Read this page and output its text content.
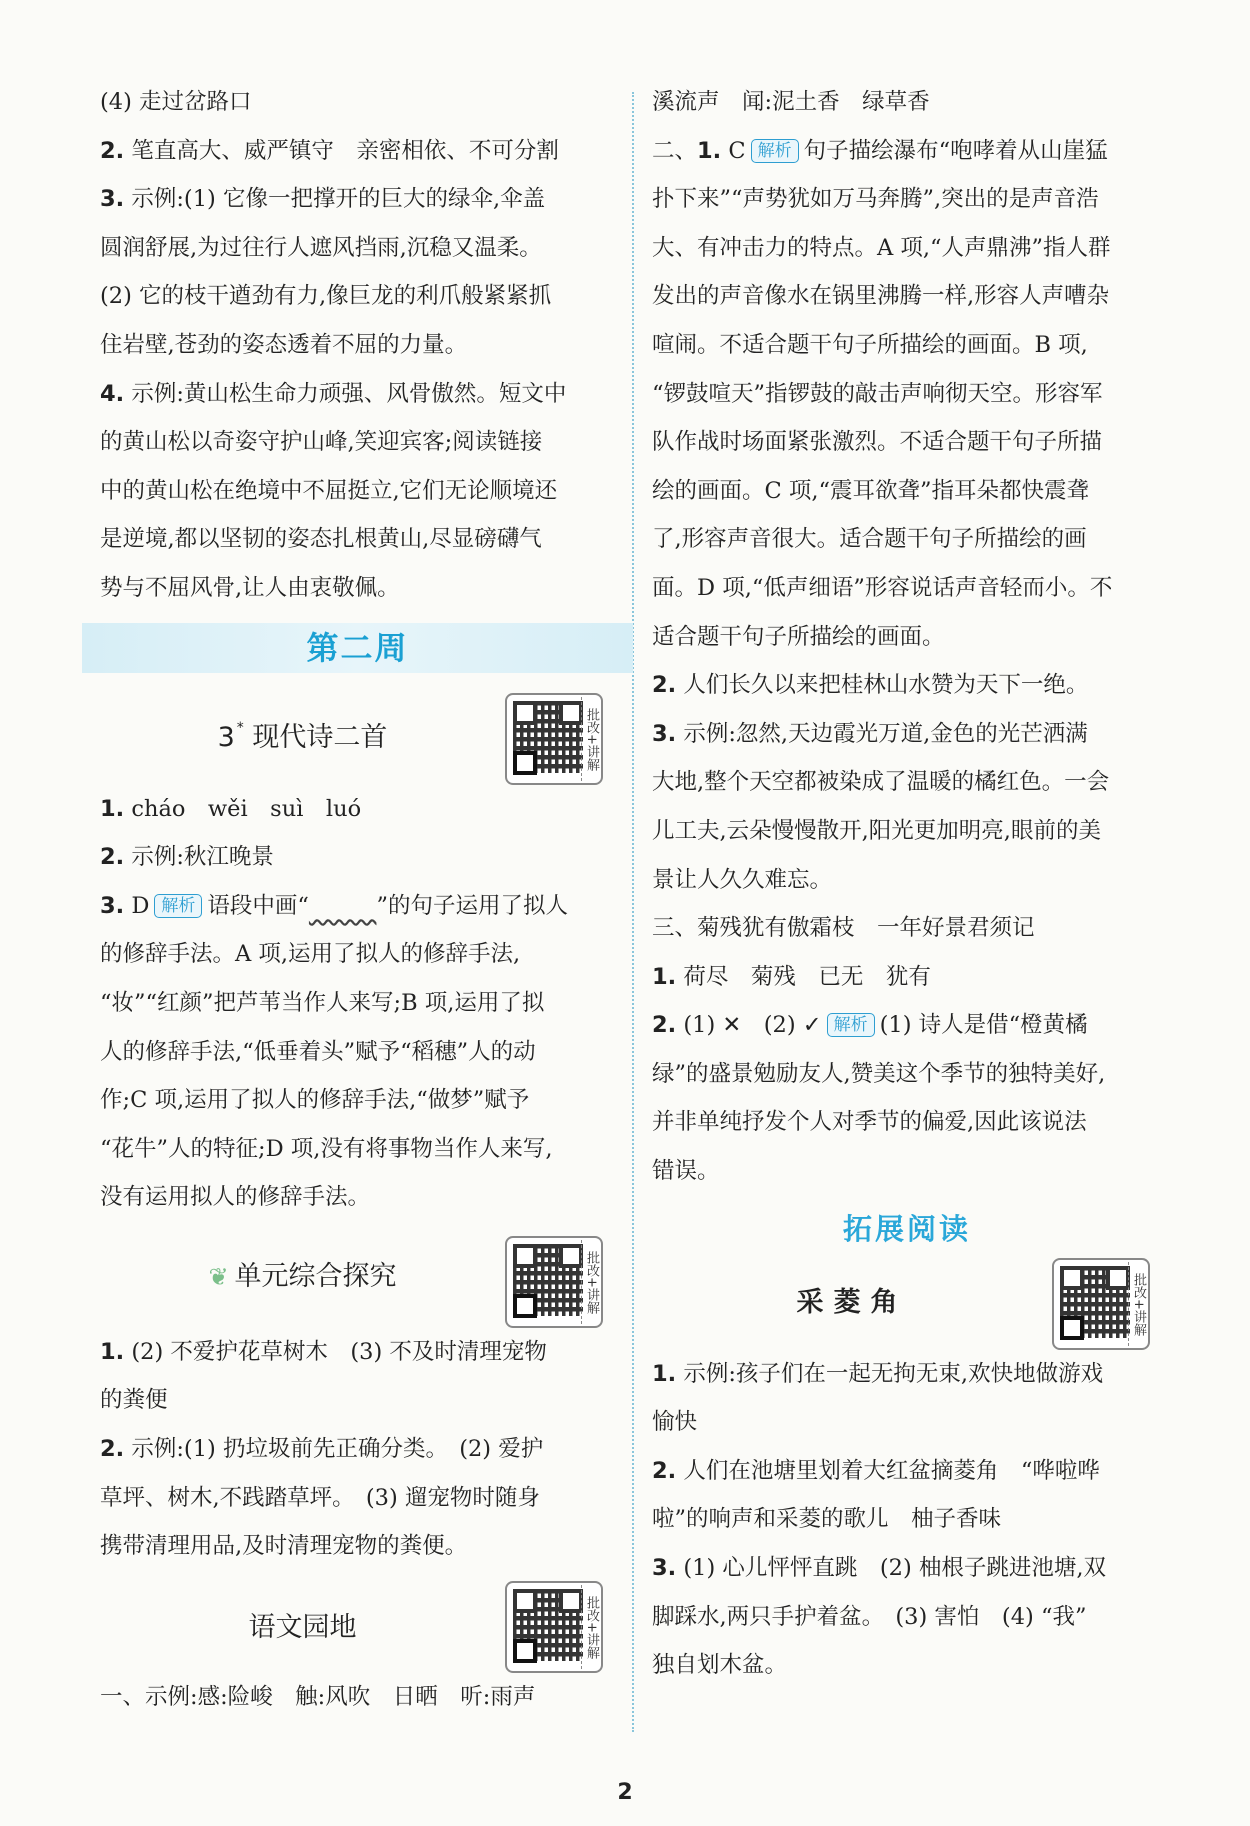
(4) 走过岔路口

2. 笔直高大、威严镇守　亲密相依、不可分割

3. 示例:(1) 它像一把撑开的巨大的绿伞,伞盖

圆润舒展,为过往行人遮风挡雨,沉稳又温柔。

(2) 它的枝干遒劲有力,像巨龙的利爪般紧紧抓

住岩壁,苍劲的姿态透着不屈的力量。

4. 示例:黄山松生命力顽强、风骨傲然。短文中

的黄山松以奇姿守护山峰,笑迎宾客;阅读链接

中的黄山松在绝境中不屈挺立,它们无论顺境还

是逆境,都以坚韧的姿态扎根黄山,尽显磅礴气

势与不屈风骨,让人由衷敬佩。

第二周
3 * 现代诗二首	批改+讲解

1. cháo　wěi　suì　luó

2. 示例:秋江晚景

3. D 解析 语段中画“　　　	”的句子运用了拟人

的修辞手法。A 项,运用了拟人的修辞手法,

“妆”“红颜”把芦苇当作人来写;B 项,运用了拟

人的修辞手法,“低垂着头”赋予“稻穗”人的动

作;C 项,运用了拟人的修辞手法,“做梦”赋予

“花牛”人的特征;D 项,没有将事物当作人来写,

没有运用拟人的修辞手法。

❦ 单元综合探究	批改+讲解

1. (2) 不爱护花草树木　(3) 不及时清理宠物

的粪便

2. 示例:(1) 扔垃圾前先正确分类。　(2) 爱护

草坪、树木,不践踏草坪。　(3) 遛宠物时随身

携带清理用品,及时清理宠物的粪便。

语文园地	批改+讲解

一、示例:感:险峻　触:风吹　日晒　听:雨声

溪流声　闻:泥土香　绿草香

二、1. C 解析 句子描绘瀑布“咆哮着从山崖猛

扑下来”“声势犹如万马奔腾”,突出的是声音浩

大、有冲击力的特点。A 项,“人声鼎沸”指人群

发出的声音像水在锅里沸腾一样,形容人声嘈杂

喧闹。不适合题干句子所描绘的画面。B 项,

“锣鼓喧天”指锣鼓的敲击声响彻天空。形容军

队作战时场面紧张激烈。不适合题干句子所描

绘的画面。C 项,“震耳欲聋”指耳朵都快震聋

了,形容声音很大。适合题干句子所描绘的画

面。D 项,“低声细语”形容说话声音轻而小。不

适合题干句子所描绘的画面。

2. 人们长久以来把桂林山水赞为天下一绝。

3. 示例:忽然,天边霞光万道,金色的光芒洒满

大地,整个天空都被染成了温暖的橘红色。一会

儿工夫,云朵慢慢散开,阳光更加明亮,眼前的美

景让人久久难忘。

三、菊残犹有傲霜枝　一年好景君须记

1. 荷尽　菊残　已无　犹有

2. (1) ✕　(2) ✓ 解析 (1) 诗人是借“橙黄橘

绿”的盛景勉励友人,赞美这个季节的独特美好,

并非单纯抒发个人对季节的偏爱,因此该说法

错误。

拓展阅读
采菱角	批改+讲解

1. 示例:孩子们在一起无拘无束,欢快地做游戏

愉快

2. 人们在池塘里划着大红盆摘菱角　“哗啦哗

啦”的响声和采菱的歌儿　柚子香味

3. (1) 心儿怦怦直跳　(2) 柚根子跳进池塘,双

脚踩水,两只手护着盆。　(3) 害怕　(4) “我”

独自划木盆。

2
